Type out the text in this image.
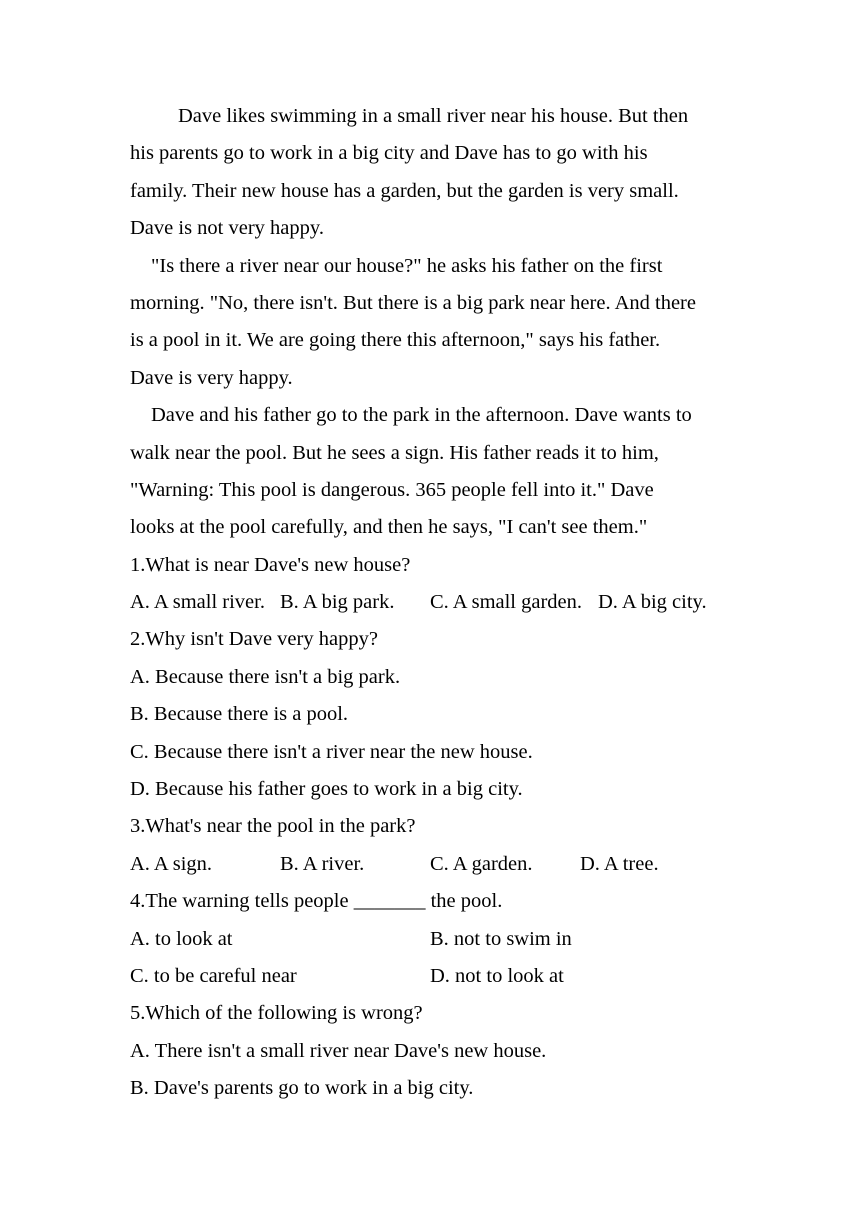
Dave likes swimming in a small river near his house. But then
his parents go to work in a big city and Dave has to go with his
family. Their new house has a garden, but the garden is very small.
Dave is not very happy.
"Is there a river near our house?" he asks his father on the first
morning. "No, there isn't. But there is a big park near here. And there
is a pool in it. We are going there this afternoon," says his father.
Dave is very happy.
Dave and his father go to the park in the afternoon. Dave wants to
walk near the pool. But he sees a sign. His father reads it to him,
"Warning: This pool is dangerous. 365 people fell into it." Dave
looks at the pool carefully, and then he says, "I can't see them."
1.What is near Dave's new house?
A. A small river. B. A big park. C. A small garden. D. A big city.
2.Why isn't Dave very happy?
A. Because there isn't a big park.
B. Because there is a pool.
C. Because there isn't a river near the new house.
D. Because his father goes to work in a big city.
3.What's near the pool in the park?
A. A sign.	B. A river.	C. A garden. D. A tree.
4.The warning tells people _______ the pool.
A. to look at	B. not to swim in
C. to be careful near	D. not to look at
5.Which of the following is wrong?
A. There isn't a small river near Dave's new house.
B. Dave's parents go to work in a big city.
